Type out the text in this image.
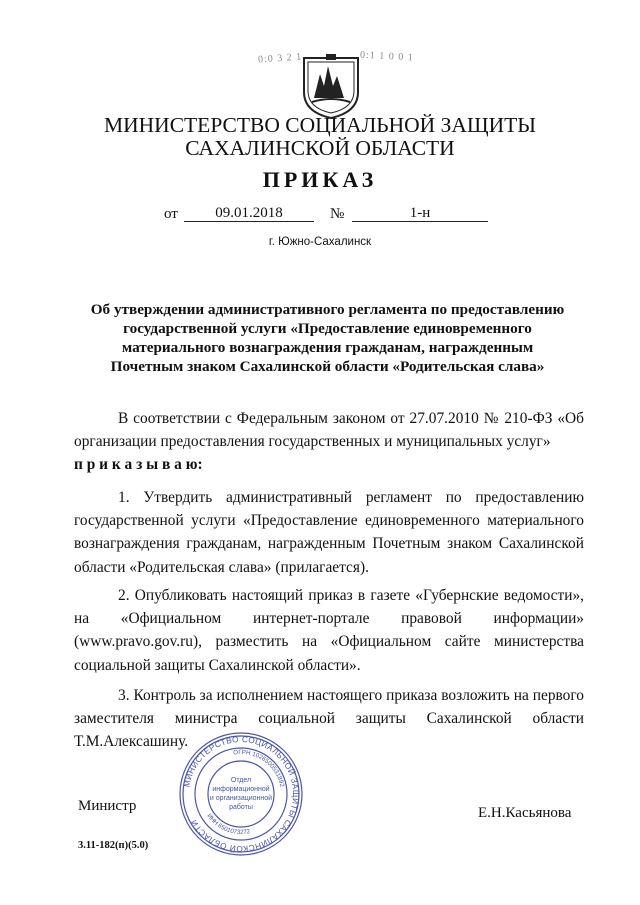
0:0 3 2 1	0:1 1 0 0 1
МИНИСТЕРСТВО СОЦИАЛЬНОЙ ЗАЩИТЫ
САХАЛИНСКОЙ ОБЛАСТИ
ПРИКАЗ
от	09.01.2018	№	1-н
г. Южно-Сахалинск
Об утверждении административного регламента по предоставлению государственной услуги «Предоставление единовременного материального вознаграждения гражданам, награжденным Почетным знаком Сахалинской области «Родительская слава»
В соответствии с Федеральным законом от 27.07.2010 № 210-ФЗ «Об организации предоставления государственных и муниципальных услуг»
п р и к а з ы в а ю:
1. Утвердить административный регламент по предоставлению государственной услуги «Предоставление единовременного материального вознаграждения гражданам, награжденным Почетным знаком Сахалинской области «Родительская слава» (прилагается).
2. Опубликовать настоящий приказ в газете «Губернские ведомости», на «Официальном интернет-портале правовой информации» (www.pravo.gov.ru), разместить на «Официальном сайте министерства социальной защиты Сахалинской области».
3. Контроль за исполнением настоящего приказа возложить на первого заместителя министра социальной защиты Сахалинской области Т.М.Алексашину.
МИНИСТЕРСТВО СОЦИАЛЬНОЙ ЗАЩИТЫ САХАЛИНСКОЙ ОБЛАСТИ
ОГРН 1026500531892
ИНН 6501073272
Отдел
информационной
и организационной
работы
Министр	Е.Н.Касьянова
3.11-182(п)(5.0)
